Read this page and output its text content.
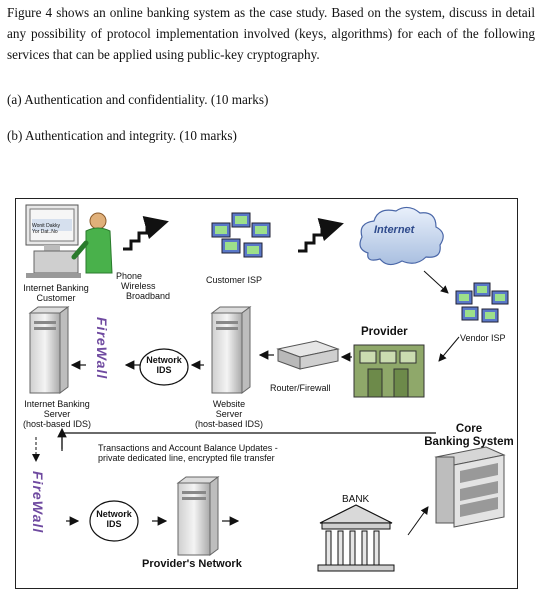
Figure 4 shows an online banking system as the case study. Based on the system, discuss in detail any possibility of protocol implementation involved (keys, algorithms) for each of the following services that can be applied using public-key cryptography.

(a) Authentication and confidentiality. (10 marks)
(b) Authentication and integrity. (10 marks)
Wonit Dakky
Yor Dat..No
Internet Banking
Customer
Phone
Wireless
Broadband
Customer ISP
Internet
Vendor ISP
Provider
FireWall	Network
IDS
Router/Firewall
Internet Banking
Server
(host-based IDS)
Website
Server
(host-based IDS)	Core
Banking System
Transactions and Account Balance Updates -
private dedicated line, encrypted file transfer
BANK
FireWall	Network
IDS
Provider's Network
